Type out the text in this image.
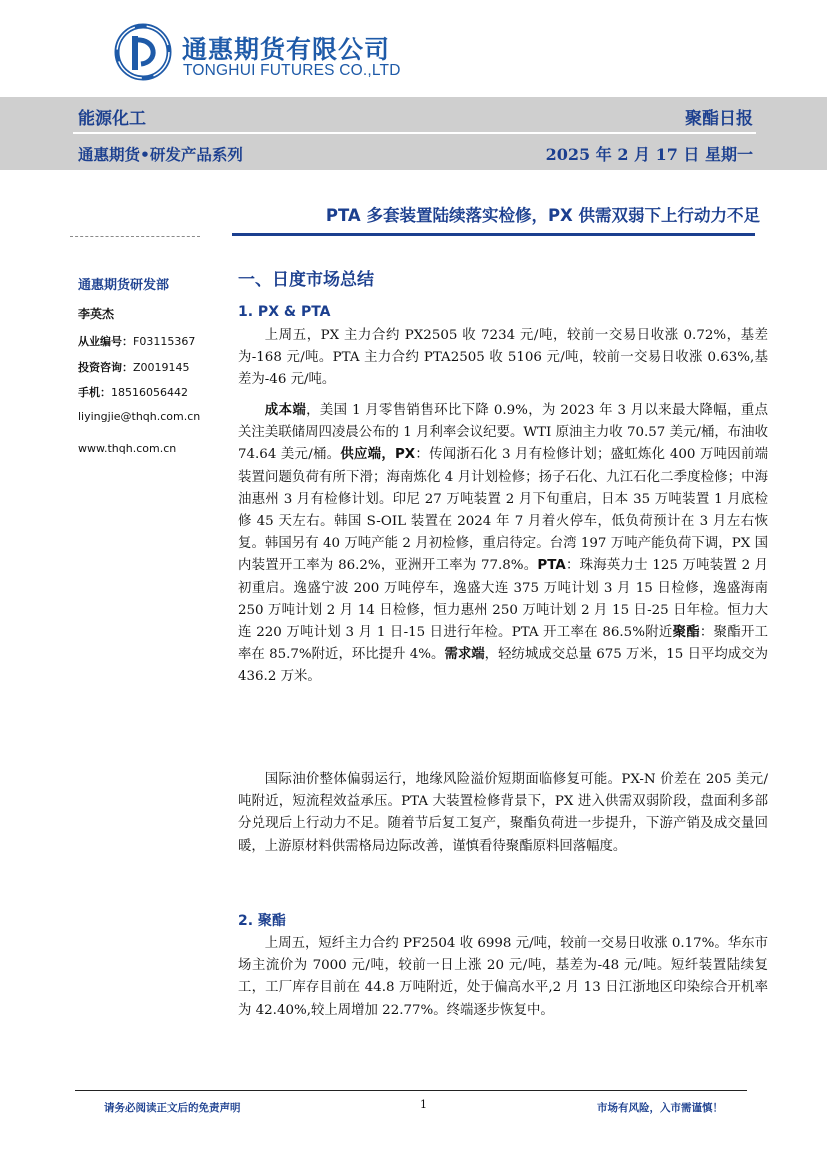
通惠期货有限公司
TONGHUI FUTURES CO.,LTD
能源化工	聚酯日报
通惠期货•研发产品系列	2025 年 2 月 17 日 星期一
PTA 多套装置陆续落实检修，PX 供需双弱下上行动力不足
通惠期货研发部
李英杰
从业编号：F03115367
投资咨询：Z0019145
手机：18516056442
liyingjie@thqh.com.cn
www.thqh.com.cn
一、日度市场总结
1. PX & PTA

上周五，PX 主力合约 PX2505 收 7234 元/吨，较前一交易日收涨 0.72%，基差为-168 元/吨。PTA 主力合约 PTA2505 收 5106 元/吨，较前一交易日收涨 0.63%,基差为-46 元/吨。

成本端，美国 1 月零售销售环比下降 0.9%，为 2023 年 3 月以来最大降幅，重点关注美联储周四凌晨公布的 1 月利率会议纪要。WTI 原油主力收 70.57 美元/桶，布油收 74.64 美元/桶。供应端，PX：传闻浙石化 3 月有检修计划；盛虹炼化 400 万吨因前端装置问题负荷有所下滑；海南炼化 4 月计划检修；扬子石化、九江石化二季度检修；中海油惠州 3 月有检修计划。印尼 27 万吨装置 2 月下旬重启，日本 35 万吨装置 1 月底检修 45 天左右。韩国 S-OIL 装置在 2024 年 7 月着火停车，低负荷预计在 3 月左右恢复。韩国另有 40 万吨产能 2 月初检修，重启待定。台湾 197 万吨产能负荷下调，PX 国内装置开工率为 86.2%，亚洲开工率为 77.8%。PTA：珠海英力士 125 万吨装置 2 月初重启。逸盛宁波 200 万吨停车，逸盛大连 375 万吨计划 3 月 15 日检修，逸盛海南 250 万吨计划 2 月 14 日检修，恒力惠州 250 万吨计划 2 月 15 日-25 日年检。恒力大连 220 万吨计划 3 月 1 日-15 日进行年检。PTA 开工率在 86.5%附近聚酯：聚酯开工率在 85.7%附近，环比提升 4%。需求端，轻纺城成交总量 675 万米，15 日平均成交为 436.2 万米。

国际油价整体偏弱运行，地缘风险溢价短期面临修复可能。PX-N 价差在 205 美元/吨附近，短流程效益承压。PTA 大装置检修背景下，PX 进入供需双弱阶段，盘面利多部分兑现后上行动力不足。随着节后复工复产，聚酯负荷进一步提升，下游产销及成交量回暖，上游原材料供需格局边际改善，谨慎看待聚酯原料回落幅度。

2. 聚酯

上周五，短纤主力合约 PF2504 收 6998 元/吨，较前一交易日收涨 0.17%。华东市场主流价为 7000 元/吨，较前一日上涨 20 元/吨，基差为-48 元/吨。短纤装置陆续复工，工厂库存目前在 44.8 万吨附近，处于偏高水平,2 月 13 日江浙地区印染综合开机率为 42.40%,较上周增加 22.77%。终端逐步恢复中。

请务必阅读正文后的免责声明	1	市场有风险，入市需谨慎！
